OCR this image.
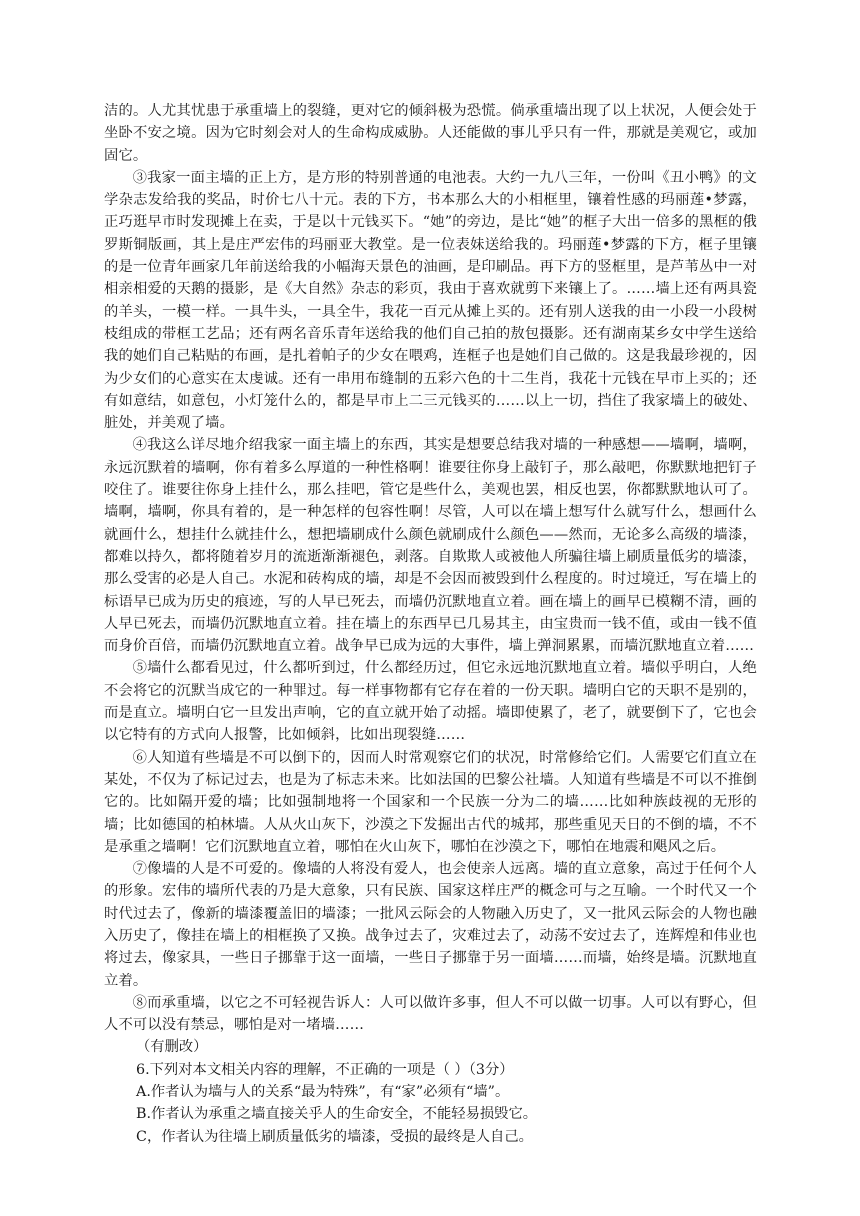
洁的。人尤其忧患于承重墙上的裂缝，更对它的倾斜极为恐慌。倘承重墙出现了以上状况，人便会处于坐卧不安之境。因为它时刻会对人的生命构成威胁。人还能做的事儿乎只有一件，那就是美观它，或加固它。

③我家一面主墙的正上方，是方形的特别普通的电池表。大约一九八三年，一份叫《丑小鸭》的文学杂志发给我的奖品，时价七八十元。表的下方，书本那么大的小相框里，镶着性感的玛丽莲•梦露，正巧逛早市时发现摊上在卖，于是以十元钱买下。“她”的旁边，是比“她”的框子大出一倍多的黑框的俄罗斯铜版画，其上是庄严宏伟的玛丽亚大教堂。是一位表妹送给我的。玛丽莲•梦露的下方，框子里镶的是一位青年画家几年前送给我的小幅海天景色的油画，是印刷品。再下方的竖框里，是芦苇丛中一对相亲相爱的天鹅的摄影，是《大自然》杂志的彩页，我由于喜欢就剪下来镶上了。……墙上还有两具瓷的羊头，一模一样。一具牛头，一具全牛，我花一百元从摊上买的。还有别人送我的由一小段一小段树枝组成的带框工艺品；还有两名音乐青年送给我的他们自己拍的敖包摄影。还有湖南某乡女中学生送给我的她们自己粘贴的布画，是扎着帕子的少女在喂鸡，连框子也是她们自己做的。这是我最珍视的，因为少女们的心意实在太虔诚。还有一串用布缝制的五彩六色的十二生肖，我花十元钱在早市上买的；还有如意结，如意包，小灯笼什么的，都是早市上二三元钱买的……以上一切，挡住了我家墙上的破处、脏处，并美观了墙。

④我这么详尽地介绍我家一面主墙上的东西，其实是想要总结我对墙的一种感想——墙啊，墙啊，永远沉默着的墙啊，你有着多么厚道的一种性格啊！谁要往你身上敲钉子，那么敲吧，你默默地把钉子咬住了。谁要往你身上挂什么，那么挂吧，管它是些什么，美观也罢，相反也罢，你都默默地认可了。墙啊，墙啊，你具有着的，是一种怎样的包容性啊！尽管，人可以在墙上想写什么就写什么，想画什么就画什么，想挂什么就挂什么，想把墙刷成什么颜色就刷成什么颜色——然而，无论多么高级的墙漆，都难以持久，都将随着岁月的流逝渐渐褪色，剥落。自欺欺人或被他人所骗往墙上刷质量低劣的墙漆，那么受害的必是人自己。水泥和砖构成的墙，却是不会因而被毁到什么程度的。时过境迁，写在墙上的标语早已成为历史的痕迹，写的人早已死去，而墙仍沉默地直立着。画在墙上的画早已模糊不清，画的人早已死去，而墙仍沉默地直立着。挂在墙上的东西早已几易其主，由宝贵而一钱不值，或由一钱不值而身价百倍，而墙仍沉默地直立着。战争早已成为远的大事件，墙上弹洞累累，而墙沉默地直立着……

⑤墙什么都看见过，什么都听到过，什么都经历过，但它永远地沉默地直立着。墙似乎明白，人绝不会将它的沉默当成它的一种罪过。每一样事物都有它存在着的一份天职。墙明白它的天职不是别的，而是直立。墙明白它一旦发出声响，它的直立就开始了动摇。墙即使累了，老了，就要倒下了，它也会以它特有的方式向人报警，比如倾斜，比如出现裂缝……

⑥人知道有些墙是不可以倒下的，因而人时常观察它们的状况，时常修给它们。人需要它们直立在某处，不仅为了标记过去，也是为了标志未来。比如法国的巴黎公社墙。人知道有些墙是不可以不推倒它的。比如隔开爱的墙；比如强制地将一个国家和一个民族一分为二的墙……比如种族歧视的无形的墙；比如德国的柏林墙。人从火山灰下，沙漠之下发掘出古代的城邦，那些重见天日的不倒的墙，不不是承重之墙啊！它们沉默地直立着，哪怕在火山灰下，哪怕在沙漠之下，哪怕在地震和飓风之后。

⑦像墙的人是不可爱的。像墙的人将没有爱人，也会使亲人远离。墙的直立意象，高过于任何个人的形象。宏伟的墙所代表的乃是大意象，只有民族、国家这样庄严的概念可与之互喻。一个时代又一个时代过去了，像新的墙漆覆盖旧的墙漆；一批风云际会的人物融入历史了，又一批风云际会的人物也融入历史了，像挂在墙上的相框换了又换。战争过去了，灾难过去了，动荡不安过去了，连辉煌和伟业也将过去，像家具，一些日子挪靠于这一面墙，一些日子挪靠于另一面墙……而墙，始终是墙。沉默地直立着。

⑧而承重墙，以它之不可轻视告诉人：人可以做许多事，但人不可以做一切事。人可以有野心，但人不可以没有禁忌，哪怕是对一堵墙……

（有删改）

6.下列对本文相关内容的理解，不正确的一项是（ ）（3分）

A.作者认为墙与人的关系“最为特殊”，有“家”必须有“墙”。

B.作者认为承重之墙直接关乎人的生命安全，不能轻易损毁它。

C，作者认为往墙上刷质量低劣的墙漆，受损的最终是人自己。
